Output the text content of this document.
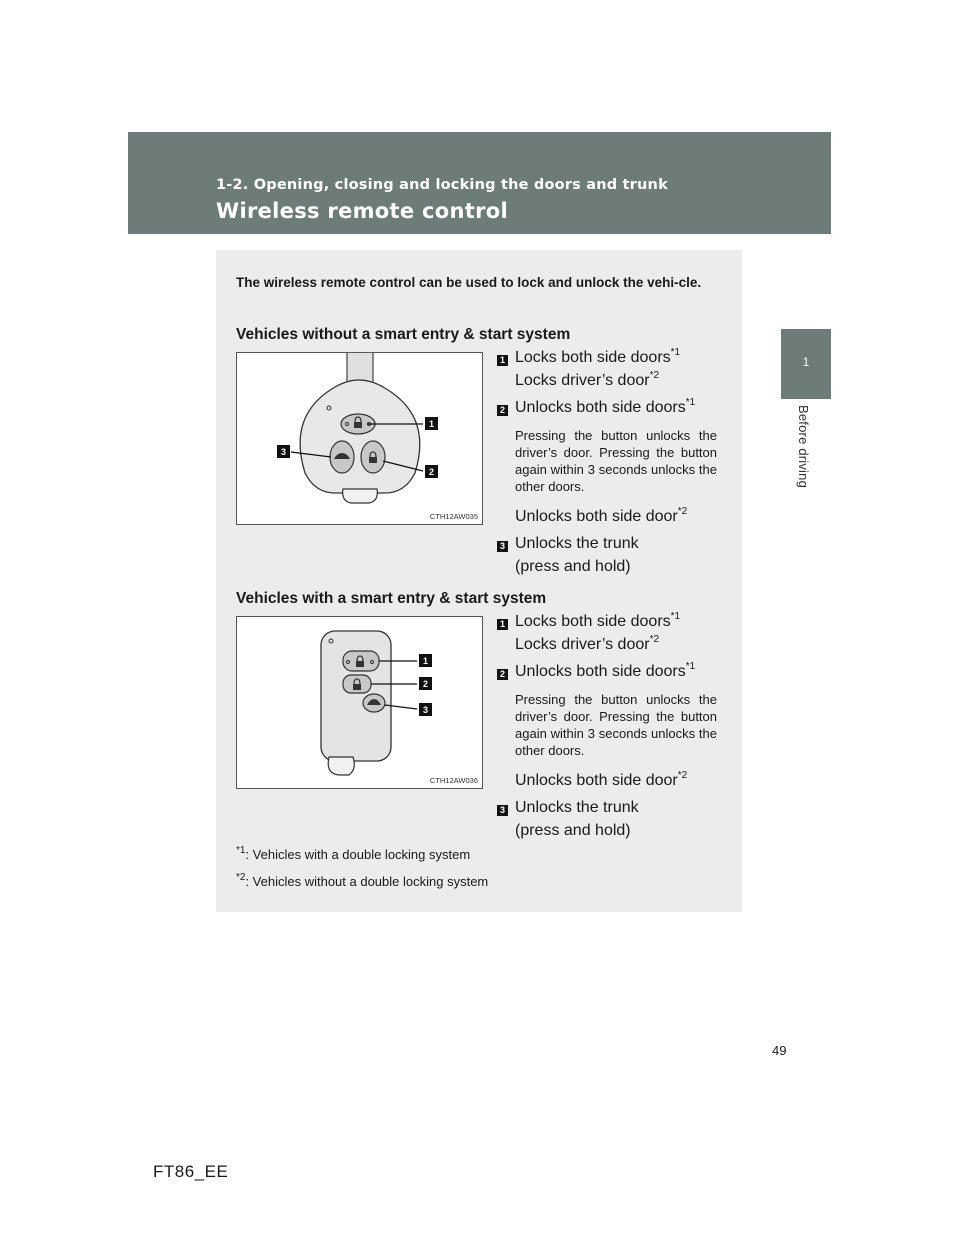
1-2. Opening, closing and locking the doors and trunk
Wireless remote control
1
Before driving
The wireless remote control can be used to lock and unlock the vehi-cle.
Vehicles without a smart entry & start system
1
2
3
CTH12AW035
1 Locks both side doors$^{*1}$
Locks driver’s door$^{*2}$
2 Unlocks both side doors$^{*1}$
Pressing the button unlocks the driver’s door. Pressing the button again within 3 seconds unlocks the other doors.
Unlocks both side door$^{*2}$
3 Unlocks the trunk
(press and hold)
Vehicles with a smart entry & start system
1
2
3
CTH12AW036
1 Locks both side doors$^{*1}$
Locks driver’s door$^{*2}$
2 Unlocks both side doors$^{*1}$
Pressing the button unlocks the driver’s door. Pressing the button again within 3 seconds unlocks the other doors.
Unlocks both side door$^{*2}$
3 Unlocks the trunk
(press and hold)
$^{*1}$: Vehicles with a double locking system
$^{*2}$: Vehicles without a double locking system
49
FT86_EE
